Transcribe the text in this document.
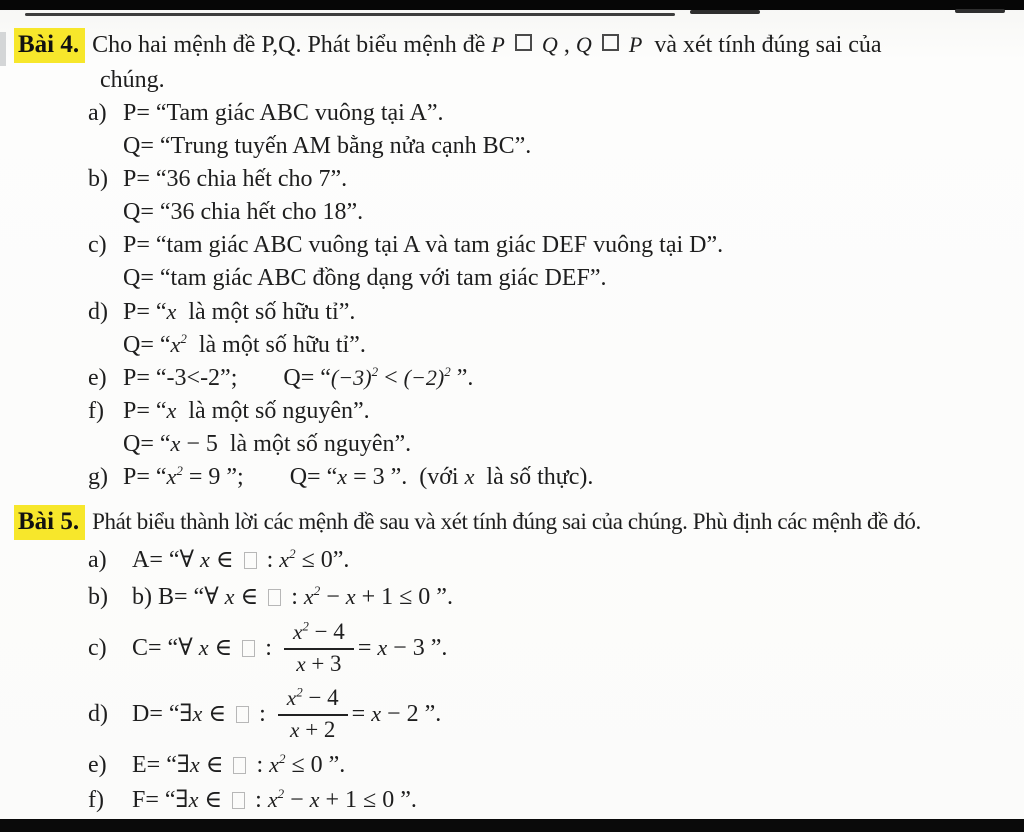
Bài 4. Cho hai mệnh đề P,Q. Phát biểu mệnh đề P Q , Q P  và xét tính đúng sai của
chúng.
a) P= “Tam giác ABC vuông tại A”.
Q= “Trung tuyến AM bằng nửa cạnh BC”.
b) P= “36 chia hết cho 7”.
Q= “36 chia hết cho 18”.
c) P= “tam giác ABC vuông tại A và tam giác DEF vuông tại D”.
Q= “tam giác ABC đồng dạng với tam giác DEF”.
d) P= “x  là một số hữu tỉ”.
$Q= “x^2$  là một số hữu tỉ”.
e) P= “-3<-2”; $Q= “(-3)^2 < (-2)^2$ ”.
f) P= “x  là một số nguyên”.
Q= “x − 5  là một số nguyên”.
g) $P= “x^2 = 9$ ”; Q= “x = 3 ”.  (với x  là số thực).
Bài 5. Phát biểu thành lời các mệnh đề sau và xét tính đúng sai của chúng. Phù định các mệnh đề đó.
a) A= “∀ x ∈  : $x^2 \le 0$”.
b) b) B= “∀ x ∈  : $x^2 - x + 1 \le 0$ ”.
c) C= “∀ x ∈ : $\frac{x^2 - 4}{x + 3} = x - 3$ ”.
d) D= “∃ x ∈ : $\frac{x^2 - 4}{x + 2} = x - 2$ ”.
e) E= “∃x ∈  : $x^2 \le 0$ ”.
f) F= “∃x ∈  : $x^2 - x + 1 \le 0$ ”.
